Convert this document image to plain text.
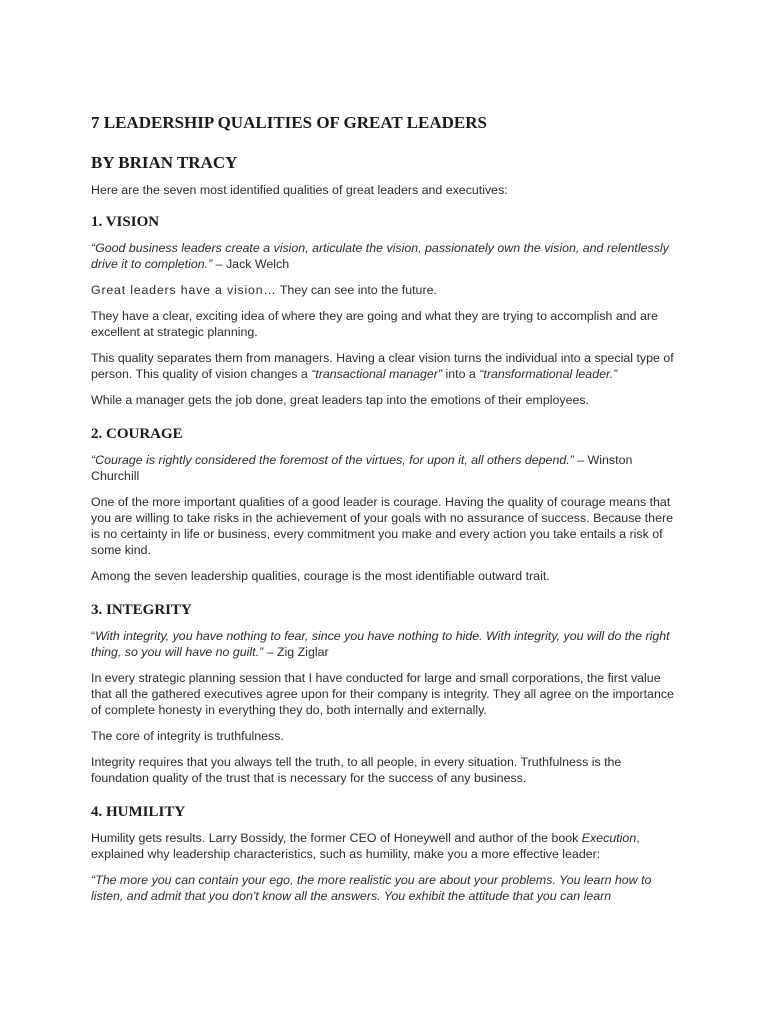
7 LEADERSHIP QUALITIES OF GREAT LEADERS
BY BRIAN TRACY

Here are the seven most identified qualities of great leaders and executives:

1. VISION

“Good business leaders create a vision, articulate the vision, passionately own the vision, and relentlessly drive it to completion.” – Jack Welch

Great leaders have a vision… They can see into the future.

They have a clear, exciting idea of where they are going and what they are trying to accomplish and are excellent at strategic planning.

This quality separates them from managers. Having a clear vision turns the individual into a special type of person. This quality of vision changes a “transactional manager” into a “transformational leader.”

While a manager gets the job done, great leaders tap into the emotions of their employees.

2. COURAGE

“Courage is rightly considered the foremost of the virtues, for upon it, all others depend.” – Winston Churchill

One of the more important qualities of a good leader is courage. Having the quality of courage means that you are willing to take risks in the achievement of your goals with no assurance of success. Because there is no certainty in life or business, every commitment you make and every action you take entails a risk of some kind.

Among the seven leadership qualities, courage is the most identifiable outward trait.

3. INTEGRITY

“With integrity, you have nothing to fear, since you have nothing to hide. With integrity, you will do the right thing, so you will have no guilt.” – Zig Ziglar

In every strategic planning session that I have conducted for large and small corporations, the first value that all the gathered executives agree upon for their company is integrity. They all agree on the importance of complete honesty in everything they do, both internally and externally.

The core of integrity is truthfulness.

Integrity requires that you always tell the truth, to all people, in every situation. Truthfulness is the foundation quality of the trust that is necessary for the success of any business.

4. HUMILITY

Humility gets results. Larry Bossidy, the former CEO of Honeywell and author of the book Execution, explained why leadership characteristics, such as humility, make you a more effective leader:

“The more you can contain your ego, the more realistic you are about your problems. You learn how to listen, and admit that you don't know all the answers. You exhibit the attitude that you can learn
